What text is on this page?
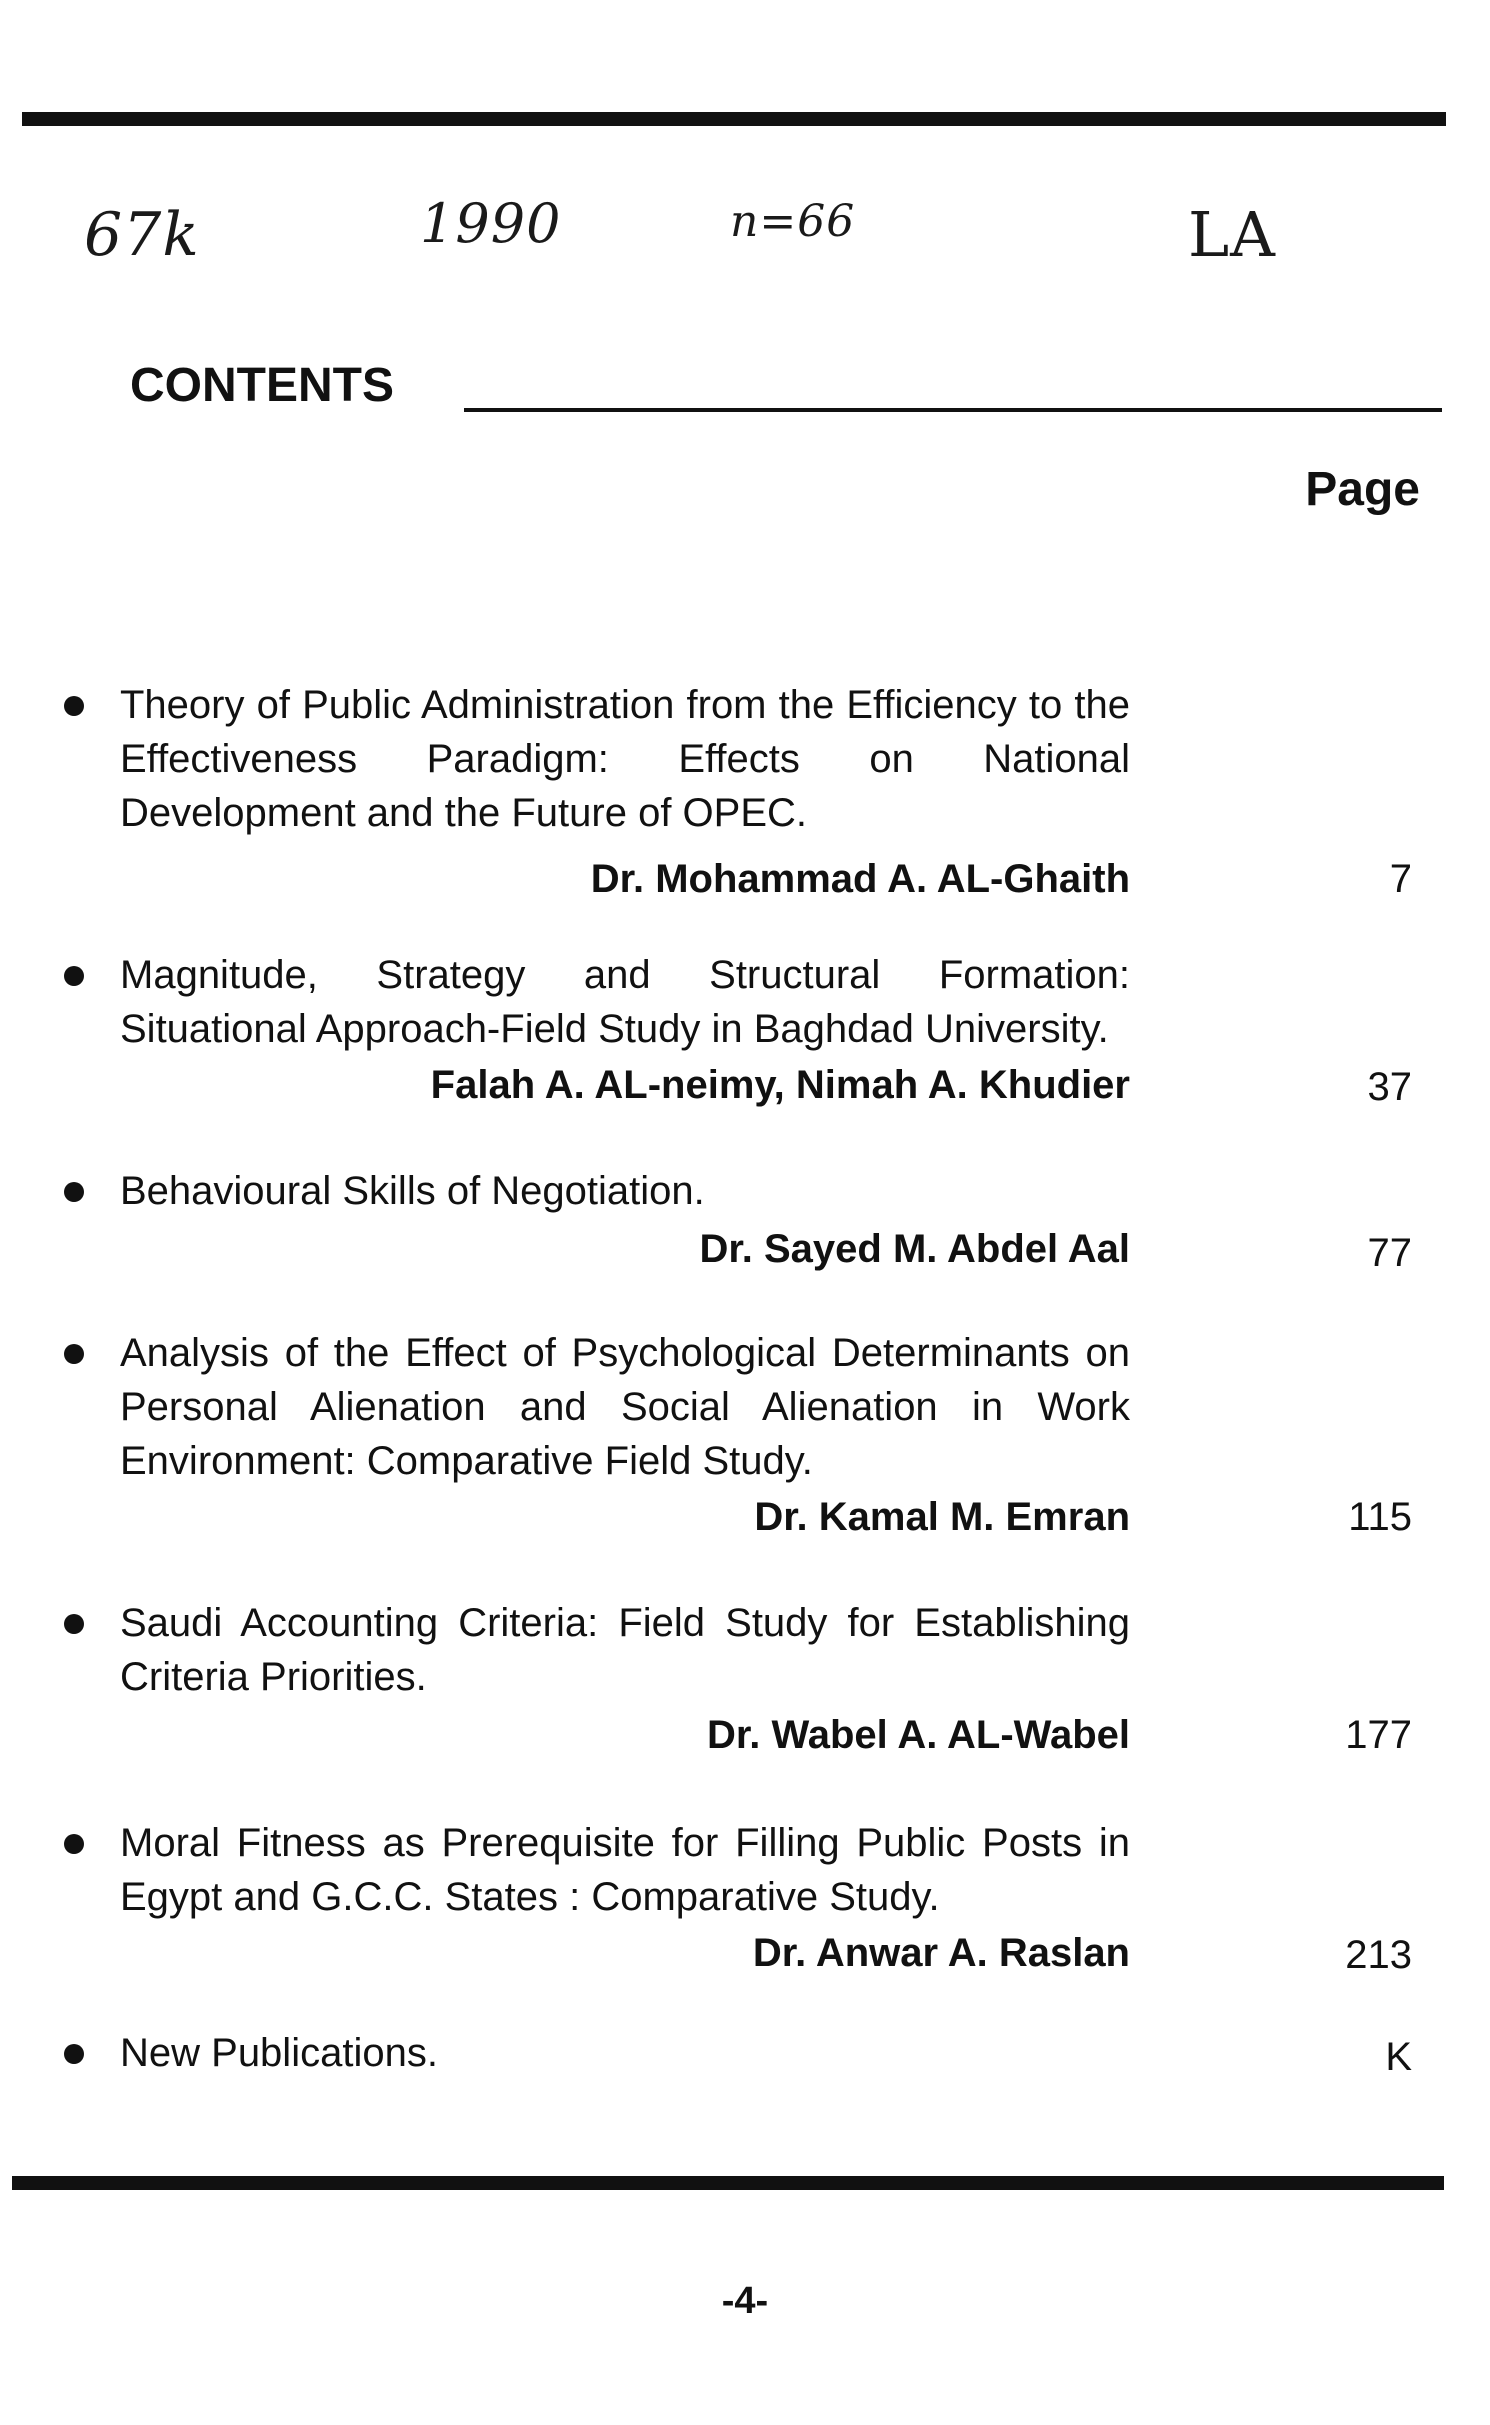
67k	1990	n=66	LA
CONTENTS
Page
Theory of Public Administration from the Efficiency to the Effectiveness Paradigm: Effects on National Development and the Future of OPEC.
Dr. Mohammad A. AL-Ghaith	7
Magnitude, Strategy and Structural Formation: Situational Approach-Field Study in Baghdad University.
Falah A. AL-neimy, Nimah A. Khudier	37
Behavioural Skills of Negotiation.
Dr. Sayed M. Abdel Aal	77
Analysis of the Effect of Psychological Determinants on Personal Alienation and Social Alienation in Work Environment: Comparative Field Study.
Dr. Kamal M. Emran	115
Saudi Accounting Criteria: Field Study for Establishing Criteria Priorities.
Dr. Wabel A. AL-Wabel	177
Moral Fitness as Prerequisite for Filling Public Posts in Egypt and G.C.C. States : Comparative Study.
Dr. Anwar A. Raslan	213
New Publications.	K
-4-
